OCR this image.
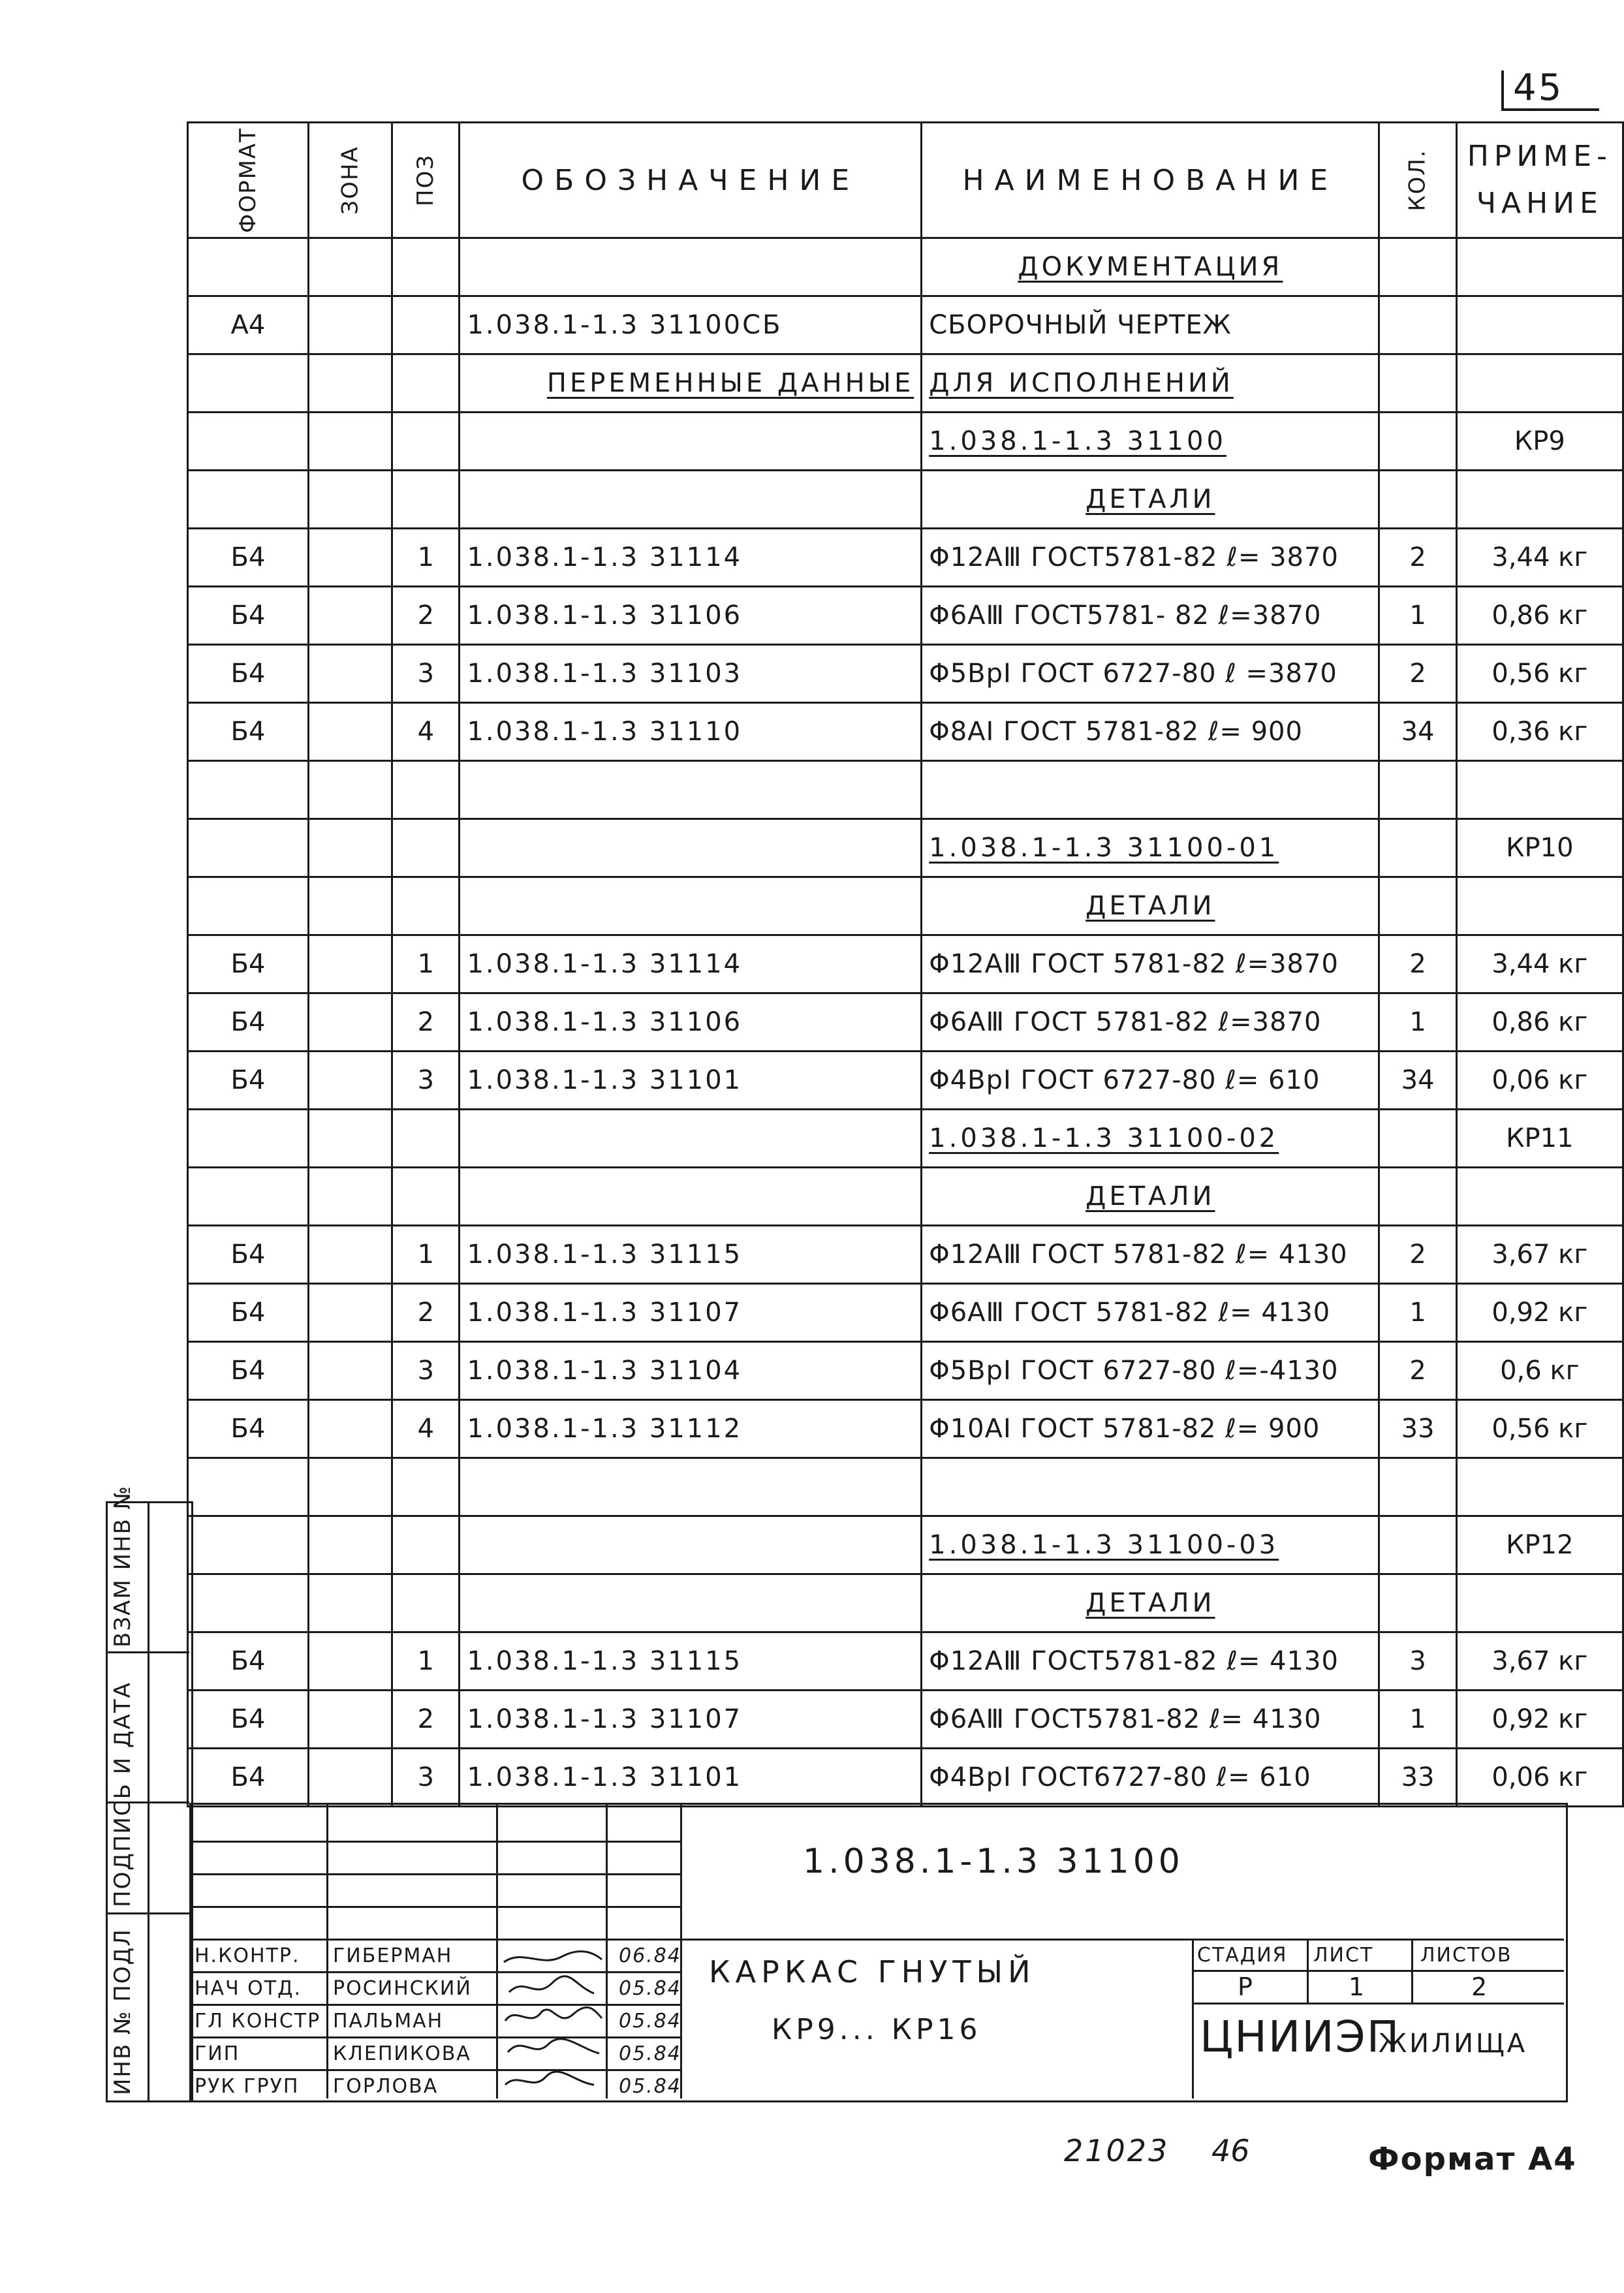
45
ФОРМАТ	ЗОНА	ПОЗ	ОБОЗНАЧЕНИЕ	НАИМЕНОВАНИЕ	КОЛ.	ПРИМЕ-
ЧАНИЕ

				ДОКУМЕНТАЦИЯ		
А4			1.038.1-1.3 31100СБ	СБОРОЧНЫЙ ЧЕРТЕЖ		
			ПЕРЕМЕННЫЕ ДАННЫЕ	ДЛЯ ИСПОЛНЕНИЙ		
				1.038.1-1.3 31100		КР9
				ДЕТАЛИ		
Б4		1	1.038.1-1.3 31114	Φ12АⅢ ГОСТ5781-82 ℓ= 3870	2	3,44 кг
Б4		2	1.038.1-1.3 31106	Φ6АⅢ ГОСТ5781- 82 ℓ=3870	1	0,86 кг
Б4		3	1.038.1-1.3 31103	Φ5ВрⅠ ГОСТ 6727-80 ℓ =3870	2	0,56 кг
Б4		4	1.038.1-1.3 31110	Φ8АⅠ ГОСТ 5781-82 ℓ= 900	34	0,36 кг

				1.038.1-1.3 31100-01		КР10
				ДЕТАЛИ		
Б4		1	1.038.1-1.3 31114	Φ12АⅢ ГОСТ 5781-82 ℓ=3870	2	3,44 кг
Б4		2	1.038.1-1.3 31106	Φ6АⅢ ГОСТ 5781-82 ℓ=3870	1	0,86 кг
Б4		3	1.038.1-1.3 31101	Φ4ВрⅠ ГОСТ 6727-80 ℓ= 610	34	0,06 кг
				1.038.1-1.3 31100-02		КР11
				ДЕТАЛИ		
Б4		1	1.038.1-1.3 31115	Φ12АⅢ ГОСТ 5781-82 ℓ= 4130	2	3,67 кг
Б4		2	1.038.1-1.3 31107	Φ6АⅢ ГОСТ 5781-82 ℓ= 4130	1	0,92 кг
Б4		3	1.038.1-1.3 31104	Φ5ВрⅠ ГОСТ 6727-80 ℓ=-4130	2	0,6 кг
Б4		4	1.038.1-1.3 31112	Φ10АⅠ ГОСТ 5781-82 ℓ= 900	33	0,56 кг

				1.038.1-1.3 31100-03		КР12
				ДЕТАЛИ		
Б4		1	1.038.1-1.3 31115	Φ12АⅢ ГОСТ5781-82 ℓ= 4130	3	3,67 кг
Б4		2	1.038.1-1.3 31107	Φ6АⅢ ГОСТ5781-82 ℓ= 4130	1	0,92 кг
Б4		3	1.038.1-1.3 31101	Φ4ВрⅠ ГОСТ6727-80 ℓ= 610	33	0,06 кг
ИНВ № ПОДЛ
ПОДПИСЬ И ДАТА
ВЗАМ ИНВ №
1.038.1-1.3 31100
КАРКАС ГНУТЫЙ
КР9... КР16
СТАДИЯ ЛИСТ ЛИСТОВ
Р	1	2
ЦНИИЭП
ЖИЛИЩА
Н.КОНТР. ГИБЕРМАН	06.84
НАЧ ОТД. РОСИНСКИЙ	05.84
ГЛ КОНСТР ПАЛЬМАН	05.84
ГИП	КЛЕПИКОВА	05.84
РУК ГРУП ГОРЛОВА	05.84
21023 46	Формат А4
